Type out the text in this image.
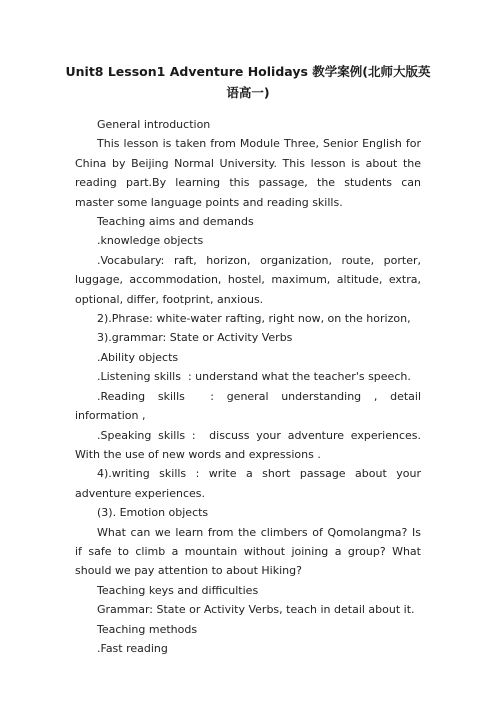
Unit8 Lesson1 Adventure Holidays 教学案例(北师大版英
语高一)

General introduction

This lesson is taken from Module Three, Senior English for China by Beijing Normal University. This lesson is about the reading part.By learning this passage, the students can master some language points and reading skills.

Teaching aims and demands

.knowledge objects

.Vocabulary: raft, horizon, organization, route, porter, luggage, accommodation, hostel, maximum, altitude, extra, optional, differ, footprint, anxious.

2).Phrase: white-water rafting, right now, on the horizon,

3).grammar: State or Activity Verbs

.Ability objects

.Listening skills  : understand what the teacher's speech.

.Reading skills  : general understanding , detail information ,

.Speaking skills :  discuss your adventure experiences. With the use of new words and expressions .

4).writing skills : write a short passage about your adventure experiences.

(3). Emotion objects

What can we learn from the climbers of Qomolangma? Is if safe to climb a mountain without joining a group? What should we pay attention to about Hiking?

Teaching keys and difficulties

Grammar: State or Activity Verbs, teach in detail about it.

Teaching methods

.Fast reading
